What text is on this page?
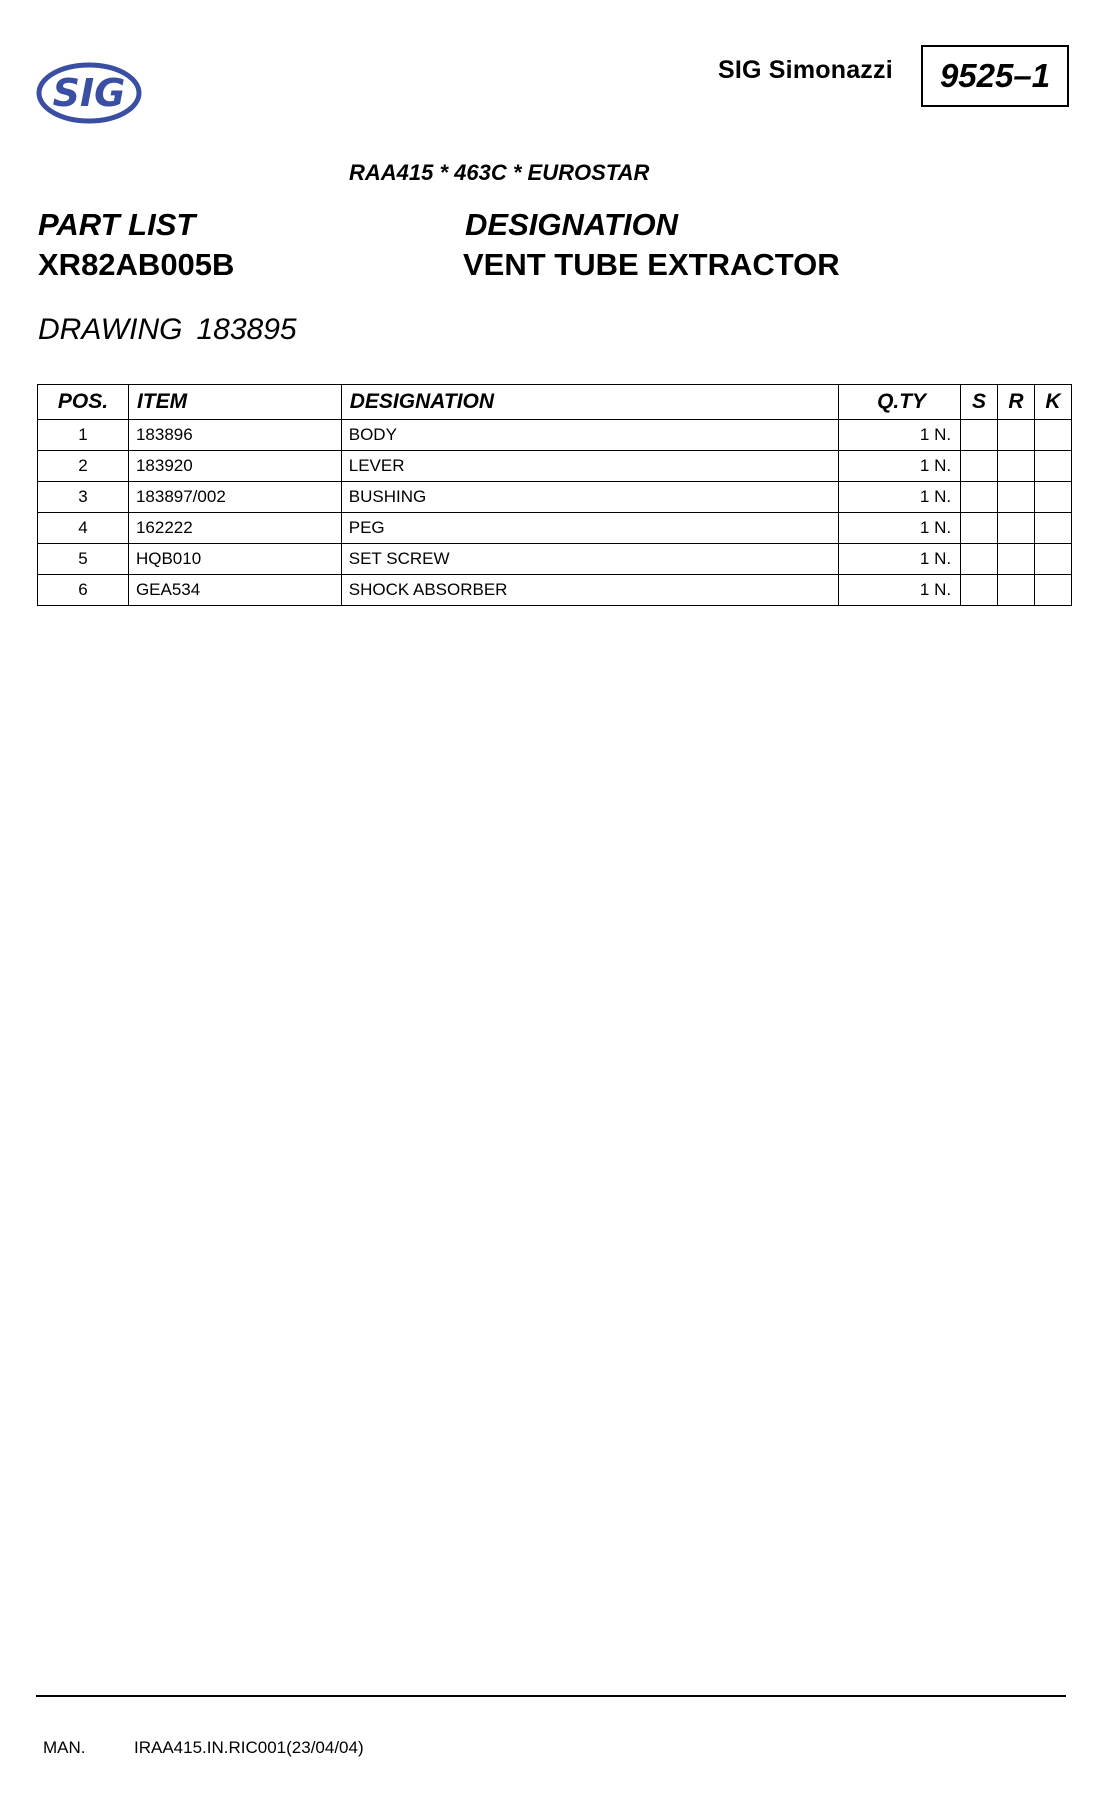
SIG
SIG Simonazzi	9525–1
RAA415 * 463C * EUROSTAR
PART LIST
XR82AB005B
DESIGNATION
VENT TUBE EXTRACTOR
DRAWING 183895
POS.	ITEM	DESIGNATION	Q.TY	S	R	K
1	183896	BODY	1 N.			
2	183920	LEVER	1 N.			
3	183897/002	BUSHING	1 N.			
4	162222	PEG	1 N.			
5	HQB010	SET SCREW	1 N.			
6	GEA534	SHOCK ABSORBER	1 N.			
MAN.	IRAA415.IN.RIC001(23/04/04)
